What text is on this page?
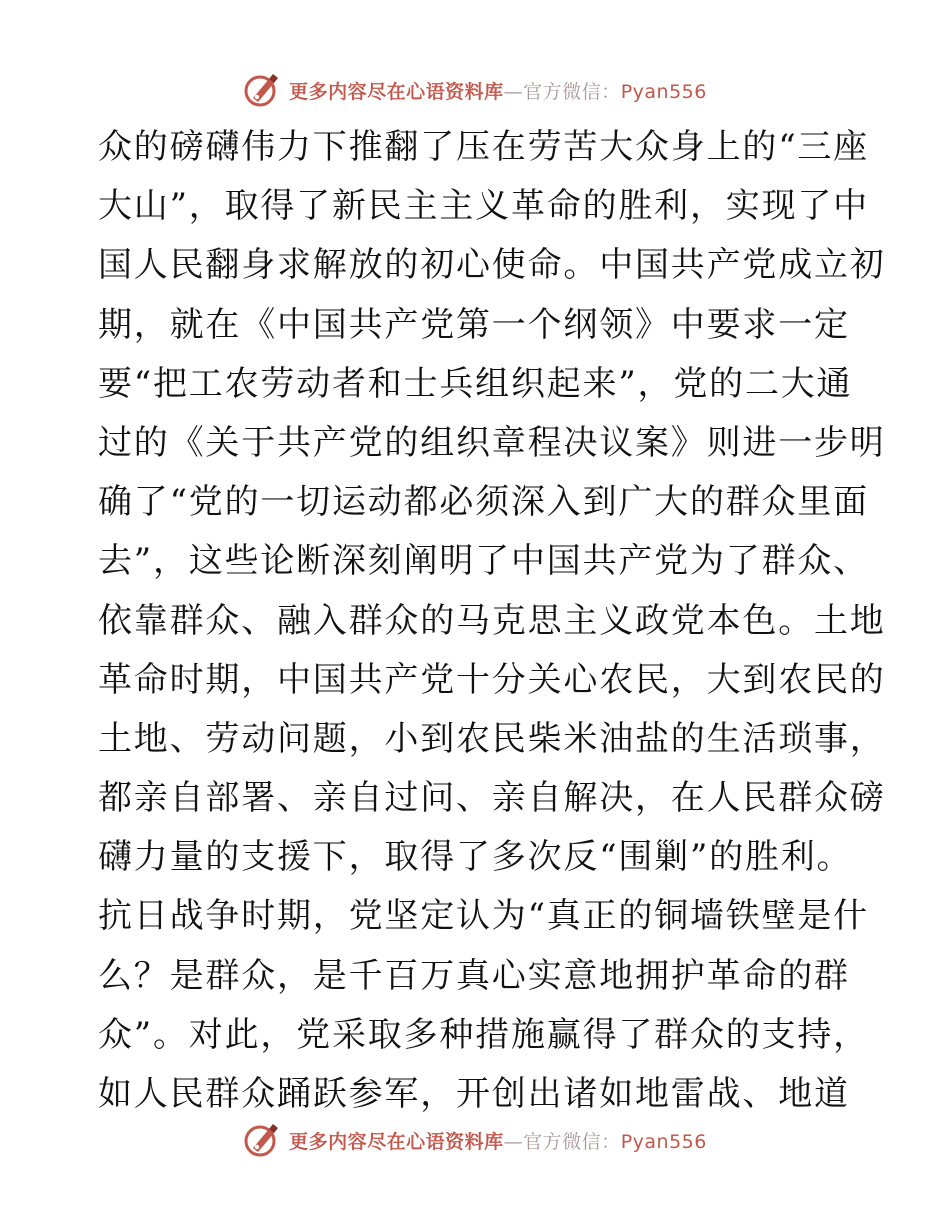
更多内容尽在心语资料库—官方微信：Pyan556
众的磅礴伟力下推翻了压在劳苦大众身上的“三座
大山”，取得了新民主主义革命的胜利，实现了中
国人民翻身求解放的初心使命。中国共产党成立初
期，就在《中国共产党第一个纲领》中要求一定
要“把工农劳动者和士兵组织起来”，党的二大通
过的《关于共产党的组织章程决议案》则进一步明
确了“党的一切运动都必须深入到广大的群众里面
去”，这些论断深刻阐明了中国共产党为了群众、
依靠群众、融入群众的马克思主义政党本色。土地
革命时期，中国共产党十分关心农民，大到农民的
土地、劳动问题，小到农民柴米油盐的生活琐事，
都亲自部署、亲自过问、亲自解决，在人民群众磅
礴力量的支援下，取得了多次反“围剿”的胜利。
抗日战争时期，党坚定认为“真正的铜墙铁壁是什
么？是群众，是千百万真心实意地拥护革命的群
众”。对此，党采取多种措施赢得了群众的支持，
如人民群众踊跃参军，开创出诸如地雷战、地道
更多内容尽在心语资料库—官方微信：Pyan556
